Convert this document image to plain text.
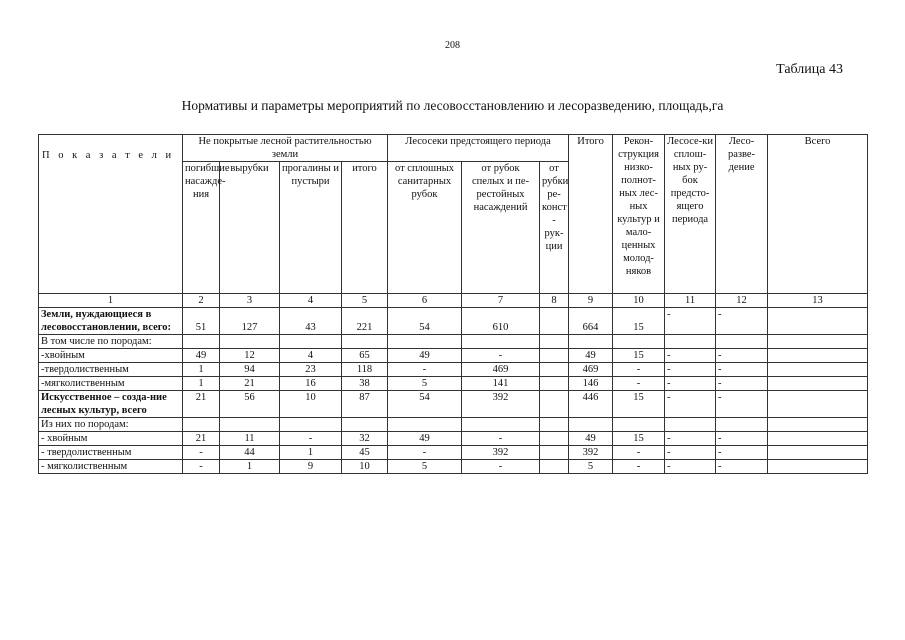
208
Таблица 43
Нормативы и параметры мероприятий по лесовосстановлению и лесоразведению, площадь,га
П о к а з а т е л и	Не покрытые лесной растительностью земли				Лесосеки предстоящего периода			Итого	Рекон-струкция низко-полнот-ных лес-ных культур и мало-ценных молод-няков	Лесосе-ки сплош-ных ру-бок предсто-ящего периода	Лесо-разве-дение	Всего
	погибшие насажде-ния	вырубки	прогалины и пустыри	итого	от сплошных санитарных рубок	от рубок спелых и пе-рестойных насаждений	от рубки ре-конст - рук-ции					
1	2	3	4	5	6	7	8	9	10	11	12	13
Земли, нуждающиеся в лесовосстановлении, всего:	51	127	43	221	54	610		664	15	-	-	
В том числе по породам:												
-хвойным	49	12	4	65	49	-		49	15	-	-	
-твердолиственным	1	94	23	118	-	469		469	-	-	-	
-мягколиственным	1	21	16	38	5	141		146	-	-	-	
Искусственное – созда-ние лесных культур, всего	21	56	10	87	54	392		446	15	-	-	
Из них по породам:												
- хвойным	21	11	-	32	49	-		49	15	-	-	
- твердолиственным	-	44	1	45	-	392		392	-	-	-	
- мягколиственным	-	1	9	10	5	-		5	-	-	-	
